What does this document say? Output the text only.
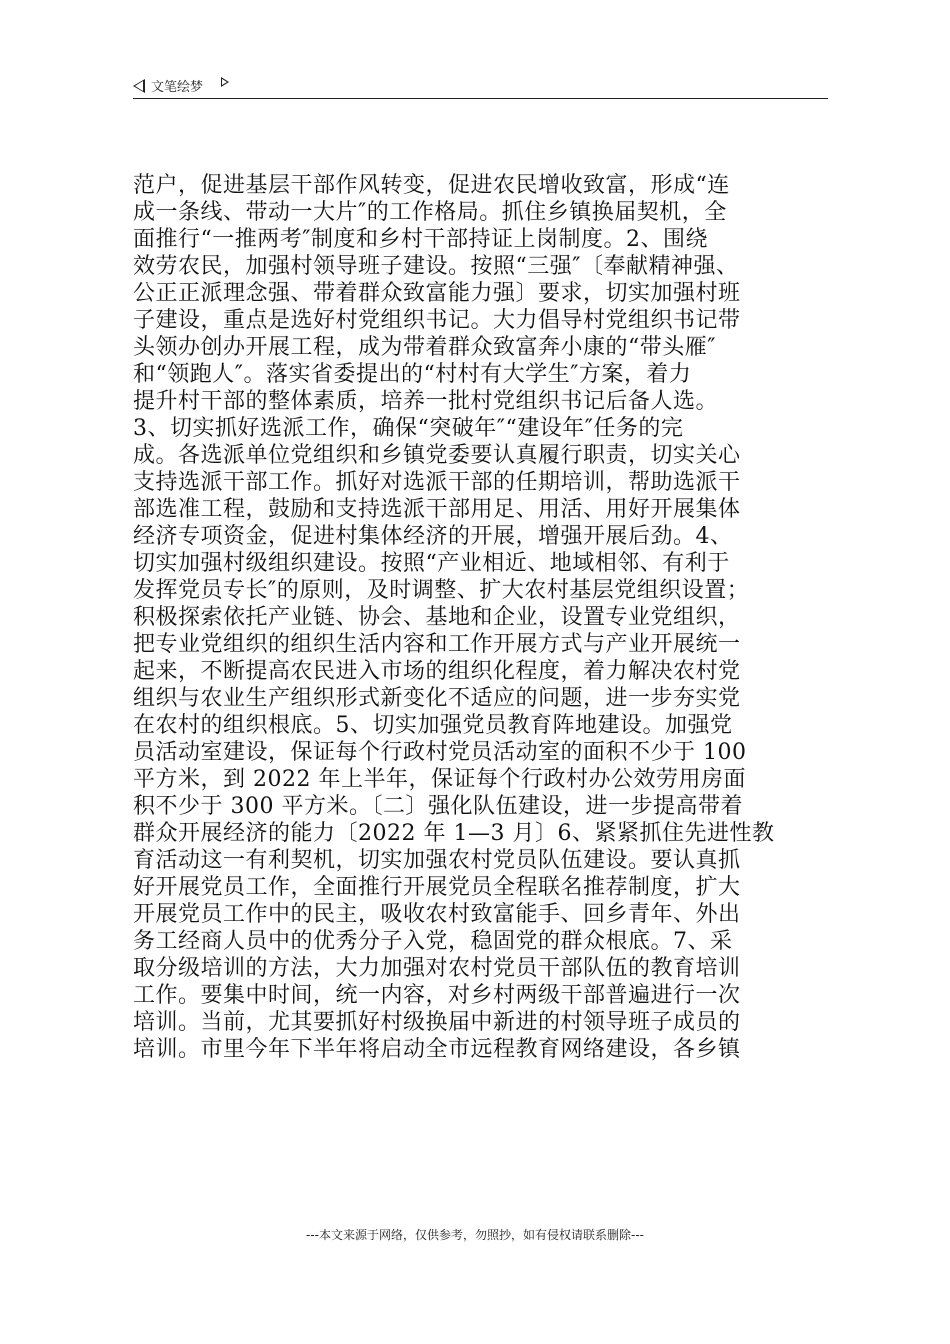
文笔绘梦
范户，促进基层干部作风转变，促进农民增收致富，形成“连
成一条线、带动一大片″的工作格局。抓住乡镇换届契机，全
面推行“一推两考″制度和乡村干部持证上岗制度。2、围绕
效劳农民，加强村领导班子建设。按照“三强″〔奉献精神强、
公正正派理念强、带着群众致富能力强〕要求，切实加强村班
子建设，重点是选好村党组织书记。大力倡导村党组织书记带
头领办创办开展工程，成为带着群众致富奔小康的“带头雁″
和“领跑人″。落实省委提出的“村村有大学生″方案，着力
提升村干部的整体素质，培养一批村党组织书记后备人选。
3、切实抓好选派工作，确保“突破年″“建设年″任务的完
成。各选派单位党组织和乡镇党委要认真履行职责，切实关心
支持选派干部工作。抓好对选派干部的任期培训，帮助选派干
部选准工程，鼓励和支持选派干部用足、用活、用好开展集体
经济专项资金，促进村集体经济的开展，增强开展后劲。4、
切实加强村级组织建设。按照“产业相近、地域相邻、有利于
发挥党员专长″的原则，及时调整、扩大农村基层党组织设置；
积极探索依托产业链、协会、基地和企业，设置专业党组织，
把专业党组织的组织生活内容和工作开展方式与产业开展统一
起来，不断提高农民进入市场的组织化程度，着力解决农村党
组织与农业生产组织形式新变化不适应的问题，进一步夯实党
在农村的组织根底。5、切实加强党员教育阵地建设。加强党
员活动室建设，保证每个行政村党员活动室的面积不少于 100
平方米，到 2022 年上半年，保证每个行政村办公效劳用房面
积不少于 300 平方米。〔二〕强化队伍建设，进一步提高带着
群众开展经济的能力〔2022 年 1—3 月〕6、紧紧抓住先进性教
育活动这一有利契机，切实加强农村党员队伍建设。要认真抓
好开展党员工作，全面推行开展党员全程联名推荐制度，扩大
开展党员工作中的民主，吸收农村致富能手、回乡青年、外出
务工经商人员中的优秀分子入党，稳固党的群众根底。7、采
取分级培训的方法，大力加强对农村党员干部队伍的教育培训
工作。要集中时间，统一内容，对乡村两级干部普遍进行一次
培训。当前，尤其要抓好村级换届中新进的村领导班子成员的
培训。市里今年下半年将启动全市远程教育网络建设，各乡镇
---本文来源于网络，仅供参考，勿照抄，如有侵权请联系删除---
